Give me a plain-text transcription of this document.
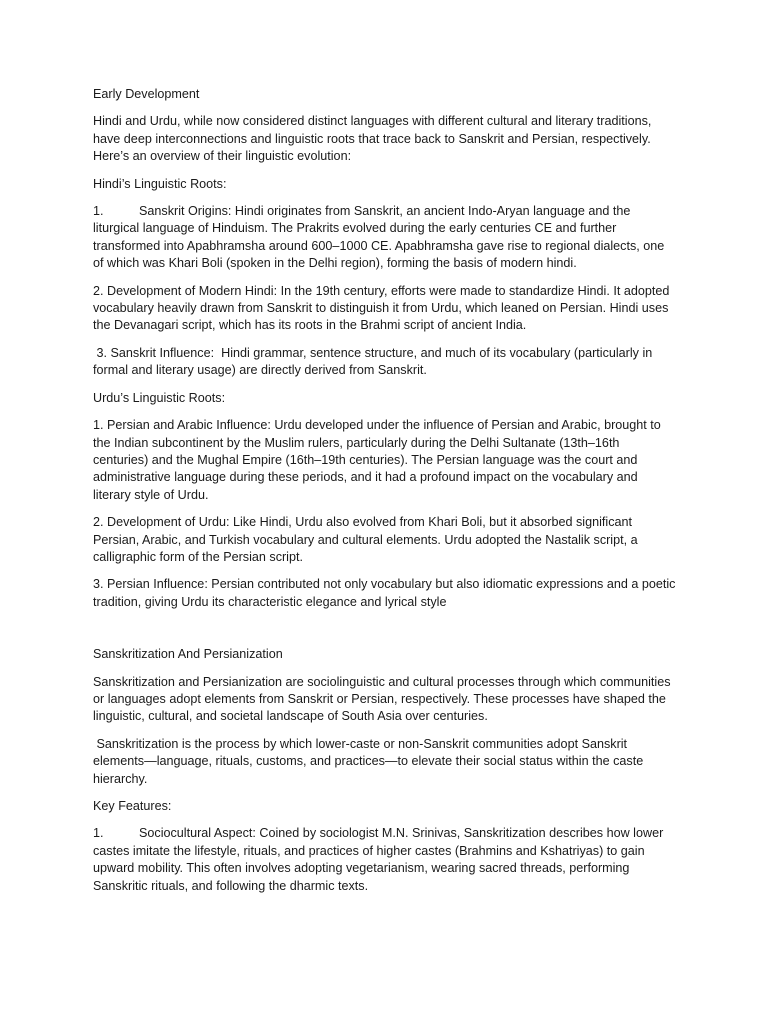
Early Development

Hindi and Urdu, while now considered distinct languages with different cultural and literary traditions, have deep interconnections and linguistic roots that trace back to Sanskrit and Persian, respectively. Here’s an overview of their linguistic evolution:

Hindi’s Linguistic Roots:

1.	Sanskrit Origins: Hindi originates from Sanskrit, an ancient Indo-Aryan language and the liturgical language of Hinduism. The Prakrits evolved during the early centuries CE and further transformed into Apabhramsha around 600–1000 CE. Apabhramsha gave rise to regional dialects, one of which was Khari Boli (spoken in the Delhi region), forming the basis of modern hindi.

2. Development of Modern Hindi: In the 19th century, efforts were made to standardize Hindi. It adopted vocabulary heavily drawn from Sanskrit to distinguish it from Urdu, which leaned on Persian. Hindi uses the Devanagari script, which has its roots in the Brahmi script of ancient India.

3. Sanskrit Influence:  Hindi grammar, sentence structure, and much of its vocabulary (particularly in formal and literary usage) are directly derived from Sanskrit.

Urdu’s Linguistic Roots:

1. Persian and Arabic Influence: Urdu developed under the influence of Persian and Arabic, brought to the Indian subcontinent by the Muslim rulers, particularly during the Delhi Sultanate (13th–16th centuries) and the Mughal Empire (16th–19th centuries). The Persian language was the court and administrative language during these periods, and it had a profound impact on the vocabulary and literary style of Urdu.

2. Development of Urdu: Like Hindi, Urdu also evolved from Khari Boli, but it absorbed significant Persian, Arabic, and Turkish vocabulary and cultural elements. Urdu adopted the Nastalik script, a calligraphic form of the Persian script.

3. Persian Influence: Persian contributed not only vocabulary but also idiomatic expressions and a poetic tradition, giving Urdu its characteristic elegance and lyrical style

Sanskritization And Persianization

Sanskritization and Persianization are sociolinguistic and cultural processes through which communities or languages adopt elements from Sanskrit or Persian, respectively. These processes have shaped the linguistic, cultural, and societal landscape of South Asia over centuries.

Sanskritization is the process by which lower-caste or non-Sanskrit communities adopt Sanskrit elements—language, rituals, customs, and practices—to elevate their social status within the caste hierarchy.

Key Features:

1.	Sociocultural Aspect: Coined by sociologist M.N. Srinivas, Sanskritization describes how lower castes imitate the lifestyle, rituals, and practices of higher castes (Brahmins and Kshatriyas) to gain upward mobility. This often involves adopting vegetarianism, wearing sacred threads, performing Sanskritic rituals, and following the dharmic texts.
